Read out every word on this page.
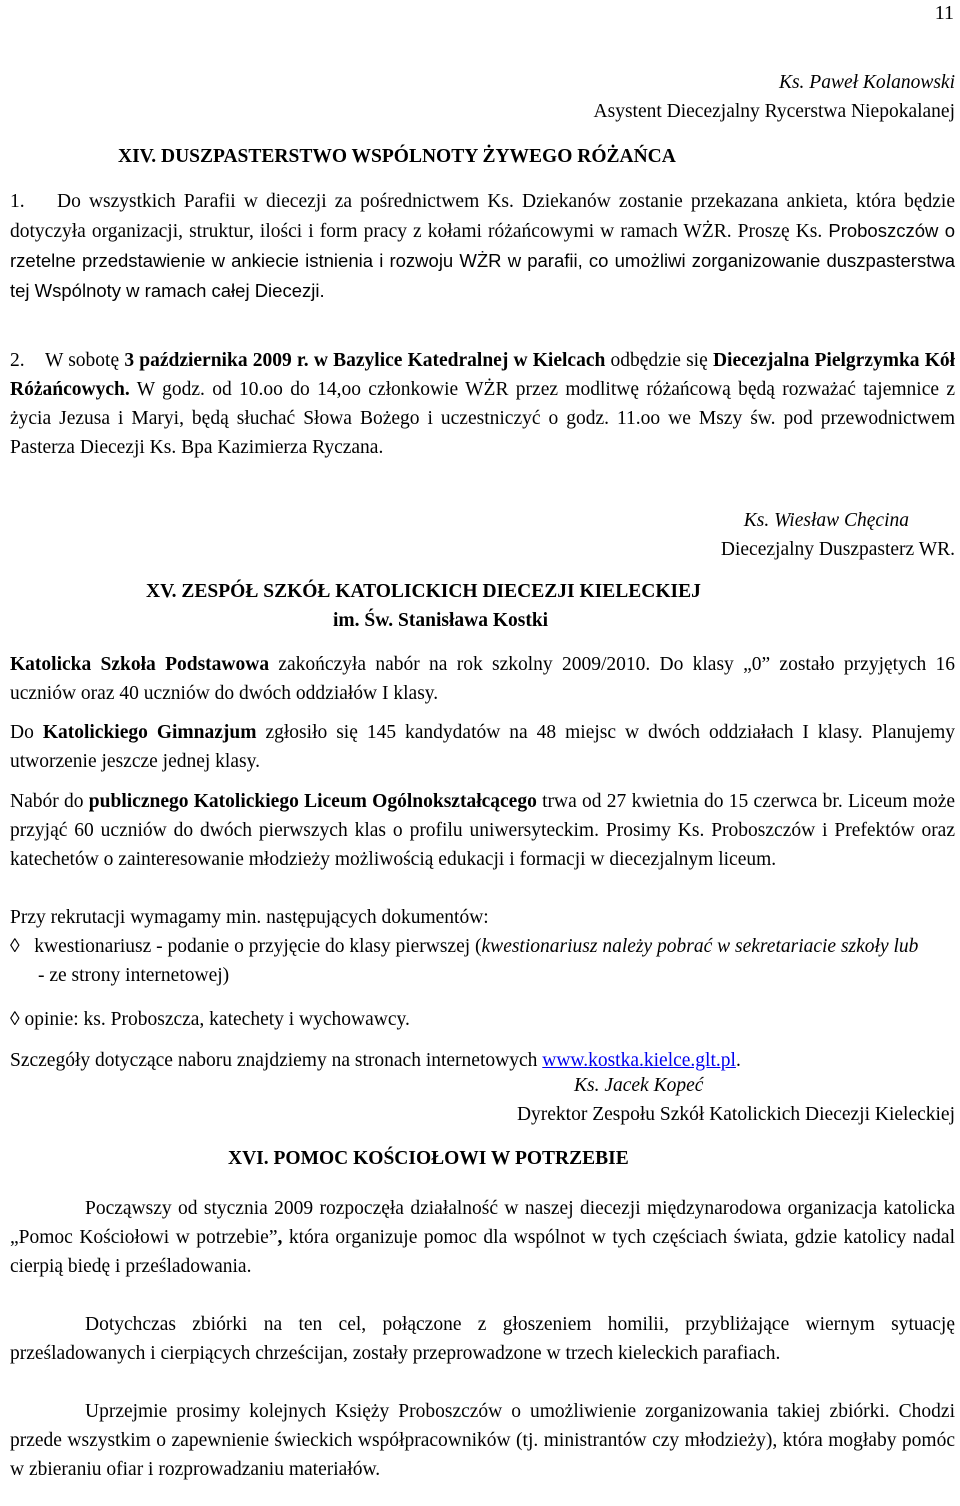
11
Ks. Paweł Kolanowski
Asystent Diecezjalny Rycerstwa Niepokalanej
XIV. DUSZPASTERSTWO WSPÓLNOTY ŻYWEGO RÓŻAŃCA
1. Do wszystkich Parafii w diecezji za pośrednictwem Ks. Dziekanów zostanie przekazana ankieta, która będzie dotyczyła organizacji, struktur, ilości i form pracy z kołami różańcowymi w ramach WŻR. Proszę Ks. Proboszczów o rzetelne przedstawienie w ankiecie istnienia i rozwoju WŻR w parafii, co umożliwi zorganizowanie duszpasterstwa tej Wspólnoty w ramach całej Diecezji.
2. W sobotę 3 października 2009 r. w Bazylice Katedralnej w Kielcach odbędzie się Diecezjalna Pielgrzymka Kół Różańcowych. W godz. od 10.oo do 14,oo członkowie WŻR przez modlitwę różańcową będą rozważać tajemnice z życia Jezusa i Maryi, będą słuchać Słowa Bożego i uczestniczyć o godz. 11.oo we Mszy św. pod przewodnictwem Pasterza Diecezji Ks. Bpa Kazimierza Ryczana.
Ks. Wiesław Chęcina
Diecezjalny Duszpasterz WR.
XV. ZESPÓŁ SZKÓŁ KATOLICKICH DIECEZJI KIELECKIEJ
im. Św. Stanisława Kostki
Katolicka Szkoła Podstawowa zakończyła nabór na rok szkolny 2009/2010. Do klasy „0” zostało przyjętych 16 uczniów oraz 40 uczniów do dwóch oddziałów I klasy.
Do Katolickiego Gimnazjum zgłosiło się 145 kandydatów na 48 miejsc w dwóch oddziałach I klasy. Planujemy utworzenie jeszcze jednej klasy.
Nabór do publicznego Katolickiego Liceum Ogólnokształcącego trwa od 27 kwietnia do 15 czerwca br. Liceum może przyjąć 60 uczniów do dwóch pierwszych klas o profilu uniwersyteckim. Prosimy Ks. Proboszczów i Prefektów oraz katechetów o zainteresowanie młodzieży możliwością edukacji i formacji w diecezjalnym liceum.
Przy rekrutacji wymagamy min. następujących dokumentów:
◊ kwestionariusz - podanie o przyjęcie do klasy pierwszej (kwestionariusz należy pobrać w sekretariacie szkoły lub
- ze strony internetowej)
◊ opinie: ks. Proboszcza, katechety i wychowawcy.
Szczegóły dotyczące naboru znajdziemy na stronach internetowych www.kostka.kielce.glt.pl.
Ks. Jacek Kopeć
Dyrektor Zespołu Szkół Katolickich Diecezji Kieleckiej
XVI. POMOC KOŚCIOŁOWI W POTRZEBIE
Począwszy od stycznia 2009 rozpoczęła działalność w naszej diecezji międzynarodowa organizacja katolicka „Pomoc Kościołowi w potrzebie”, która organizuje pomoc dla wspólnot w tych częściach świata, gdzie katolicy nadal cierpią biedę i prześladowania.
Dotychczas zbiórki na ten cel, połączone z głoszeniem homilii, przybliżające wiernym sytuację prześladowanych i cierpiących chrześcijan, zostały przeprowadzone w trzech kieleckich parafiach.
Uprzejmie prosimy kolejnych Księży Proboszczów o umożliwienie zorganizowania takiej zbiórki. Chodzi przede wszystkim o zapewnienie świeckich współpracowników (tj. ministrantów czy młodzieży), która mogłaby pomóc w zbieraniu ofiar i rozprowadzaniu materiałów.
